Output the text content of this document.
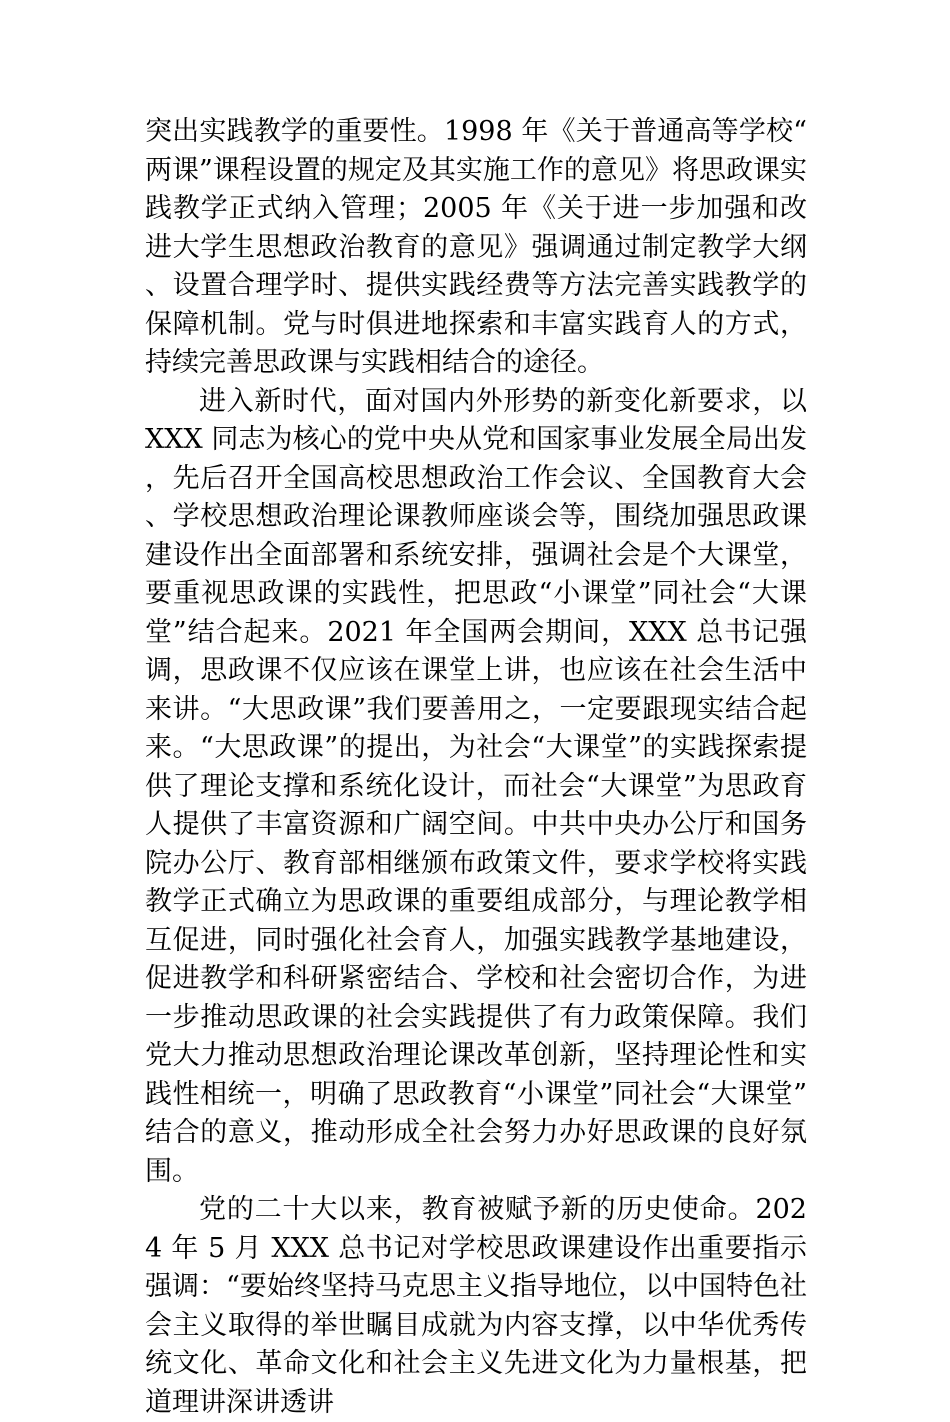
突出实践教学的重要性。1998 年《关于普通高等学校“两课”课程设置的规定及其实施工作的意见》将思政课实践教学正式纳入管理；2005 年《关于进一步加强和改进大学生思想政治教育的意见》强调通过制定教学大纲、设置合理学时、提供实践经费等方法完善实践教学的保障机制。党与时俱进地探索和丰富实践育人的方式，持续完善思政课与实践相结合的途径。

进入新时代，面对国内外形势的新变化新要求，以XXX 同志为核心的党中央从党和国家事业发展全局出发，先后召开全国高校思想政治工作会议、全国教育大会、学校思想政治理论课教师座谈会等，围绕加强思政课建设作出全面部署和系统安排，强调社会是个大课堂，要重视思政课的实践性，把思政“小课堂”同社会“大课堂”结合起来。2021 年全国两会期间，XXX 总书记强调，思政课不仅应该在课堂上讲，也应该在社会生活中来讲。“大思政课”我们要善用之，一定要跟现实结合起来。“大思政课”的提出，为社会“大课堂”的实践探索提供了理论支撑和系统化设计，而社会“大课堂”为思政育人提供了丰富资源和广阔空间。中共中央办公厅和国务院办公厅、教育部相继颁布政策文件，要求学校将实践教学正式确立为思政课的重要组成部分，与理论教学相互促进，同时强化社会育人，加强实践教学基地建设，促进教学和科研紧密结合、学校和社会密切合作，为进一步推动思政课的社会实践提供了有力政策保障。我们党大力推动思想政治理论课改革创新，坚持理论性和实践性相统一，明确了思政教育“小课堂”同社会“大课堂”结合的意义，推动形成全社会努力办好思政课的良好氛围。

党的二十大以来，教育被赋予新的历史使命。2024 年 5 月 XXX 总书记对学校思政课建设作出重要指示强调：“要始终坚持马克思主义指导地位，以中国特色社会主义取得的举世瞩目成就为内容支撑，以中华优秀传统文化、革命文化和社会主义先进文化为力量根基，把道理讲深讲透讲
